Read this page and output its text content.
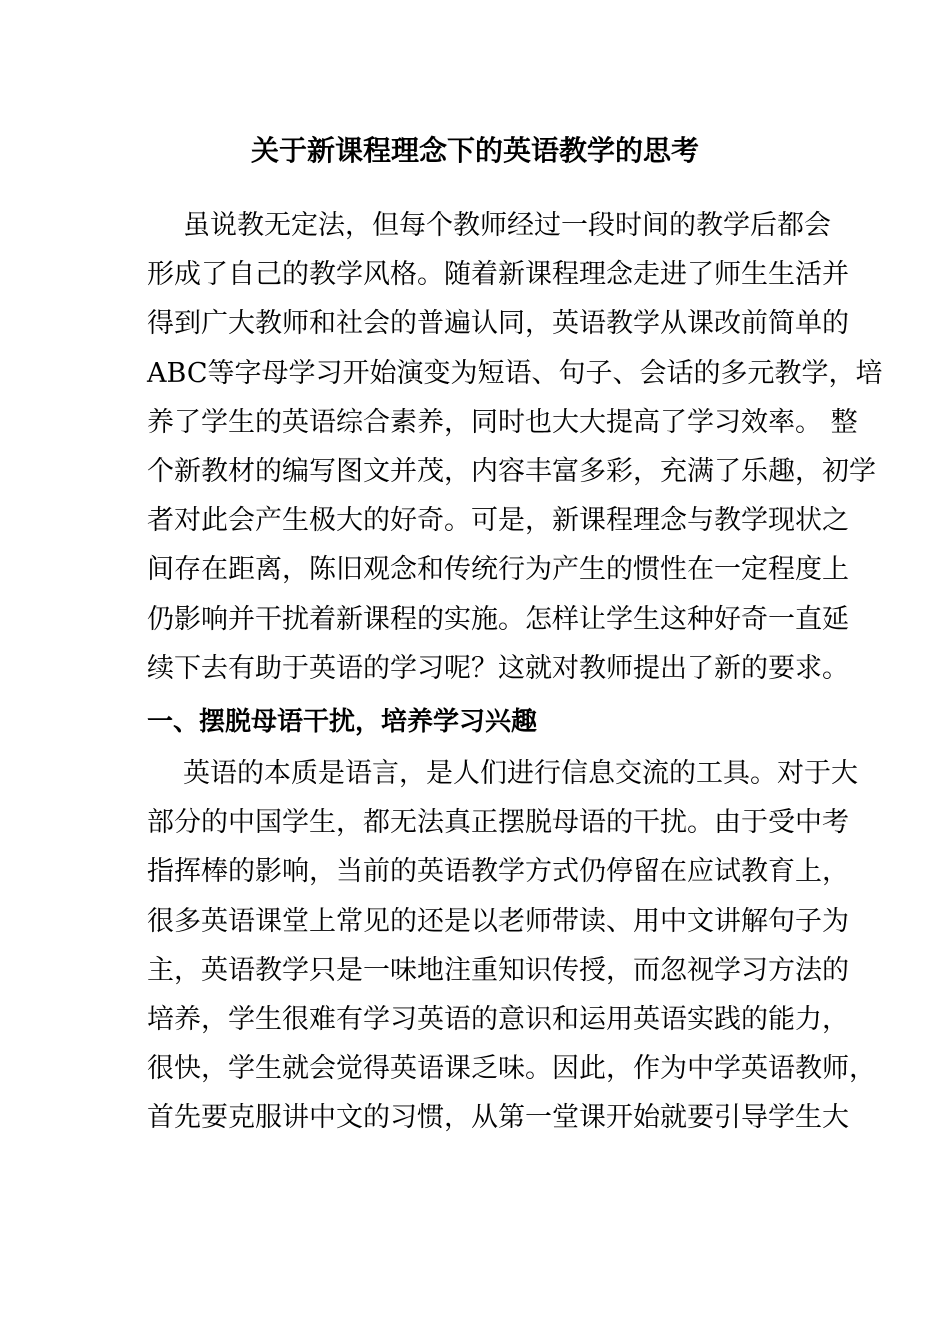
关于新课程理念下的英语教学的思考
虽说教无定法，但每个教师经过一段时间的教学后都会
形成了自己的教学风格。随着新课程理念走进了师生生活并
得到广大教师和社会的普遍认同，英语教学从课改前简单的
ABC等字母学习开始演变为短语、句子、会话的多元教学，培
养了学生的英语综合素养，同时也大大提高了学习效率。 整
个新教材的编写图文并茂，内容丰富多彩，充满了乐趣，初学
者对此会产生极大的好奇。可是，新课程理念与教学现状之
间存在距离，陈旧观念和传统行为产生的惯性在一定程度上
仍影响并干扰着新课程的实施。怎样让学生这种好奇一直延
续下去有助于英语的学习呢？这就对教师提出了新的要求。
一、摆脱母语干扰，培养学习兴趣
英语的本质是语言，是人们进行信息交流的工具。对于大
部分的中国学生，都无法真正摆脱母语的干扰。由于受中考
指挥棒的影响，当前的英语教学方式仍停留在应试教育上，
很多英语课堂上常见的还是以老师带读、用中文讲解句子为
主，英语教学只是一味地注重知识传授，而忽视学习方法的
培养，学生很难有学习英语的意识和运用英语实践的能力，
很快，学生就会觉得英语课乏味。因此，作为中学英语教师，
首先要克服讲中文的习惯，从第一堂课开始就要引导学生大
